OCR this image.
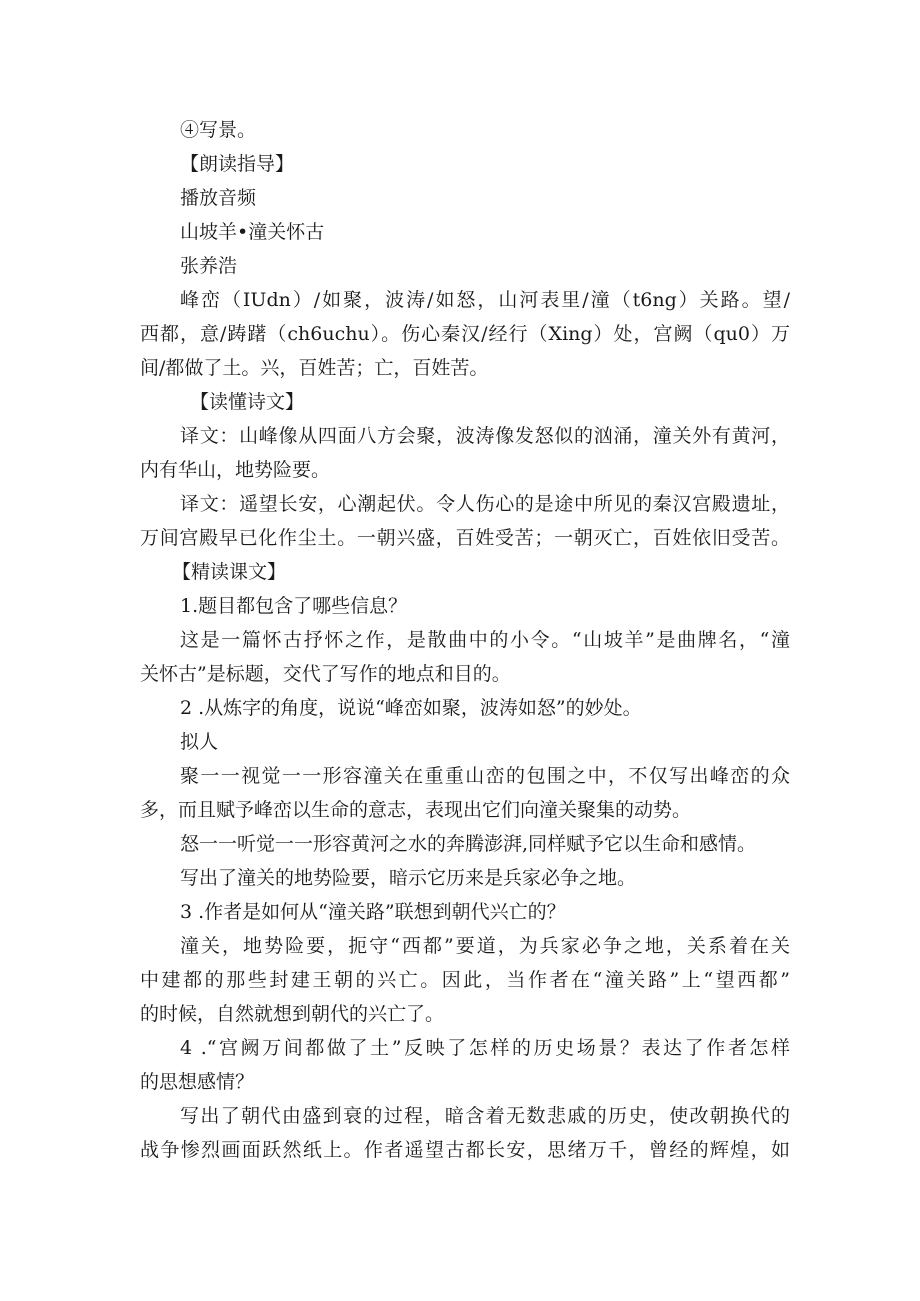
④写景。

【朗读指导】

播放音频

山坡羊•潼关怀古

张养浩

峰峦（IUdn）/如聚，波涛/如怒，山河表里/潼（t6ng）关路。望/

西都，意/踌躇（ch6uchu）。伤心秦汉/经行（Xing）处，宫阙（qu0）万

间/都做了土。兴，百姓苦；亡，百姓苦。

【读懂诗文】

译文：山峰像从四面八方会聚，波涛像发怒似的汹涌，潼关外有黄河，

内有华山，地势险要。

译文：遥望长安，心潮起伏。令人伤心的是途中所见的秦汉宫殿遗址，

万间宫殿早已化作尘土。一朝兴盛，百姓受苦；一朝灭亡，百姓依旧受苦。

【精读课文】

1.题目都包含了哪些信息？

这是一篇怀古抒怀之作，是散曲中的小令。“山坡羊”是曲牌名，“潼

关怀古”是标题，交代了写作的地点和目的。

2 .从炼字的角度，说说“峰峦如聚，波涛如怒”的妙处。

拟人

聚一一视觉一一形容潼关在重重山峦的包围之中，不仅写出峰峦的众

多，而且赋予峰峦以生命的意志，表现出它们向潼关聚集的动势。

怒一一听觉一一形容黄河之水的奔腾澎湃,同样赋予它以生命和感情。

写出了潼关的地势险要，暗示它历来是兵家必争之地。

3 .作者是如何从“潼关路”联想到朝代兴亡的？

潼关，地势险要，扼守“西都”要道，为兵家必争之地，关系着在关

中建都的那些封建王朝的兴亡。因此，当作者在“潼关路”上“望西都”

的时候，自然就想到朝代的兴亡了。

4 .“宫阙万间都做了土”反映了怎样的历史场景？表达了作者怎样

的思想感情？

写出了朝代由盛到衰的过程，暗含着无数悲戚的历史，使改朝换代的

战争惨烈画面跃然纸上。作者遥望古都长安，思绪万千，曾经的辉煌，如
